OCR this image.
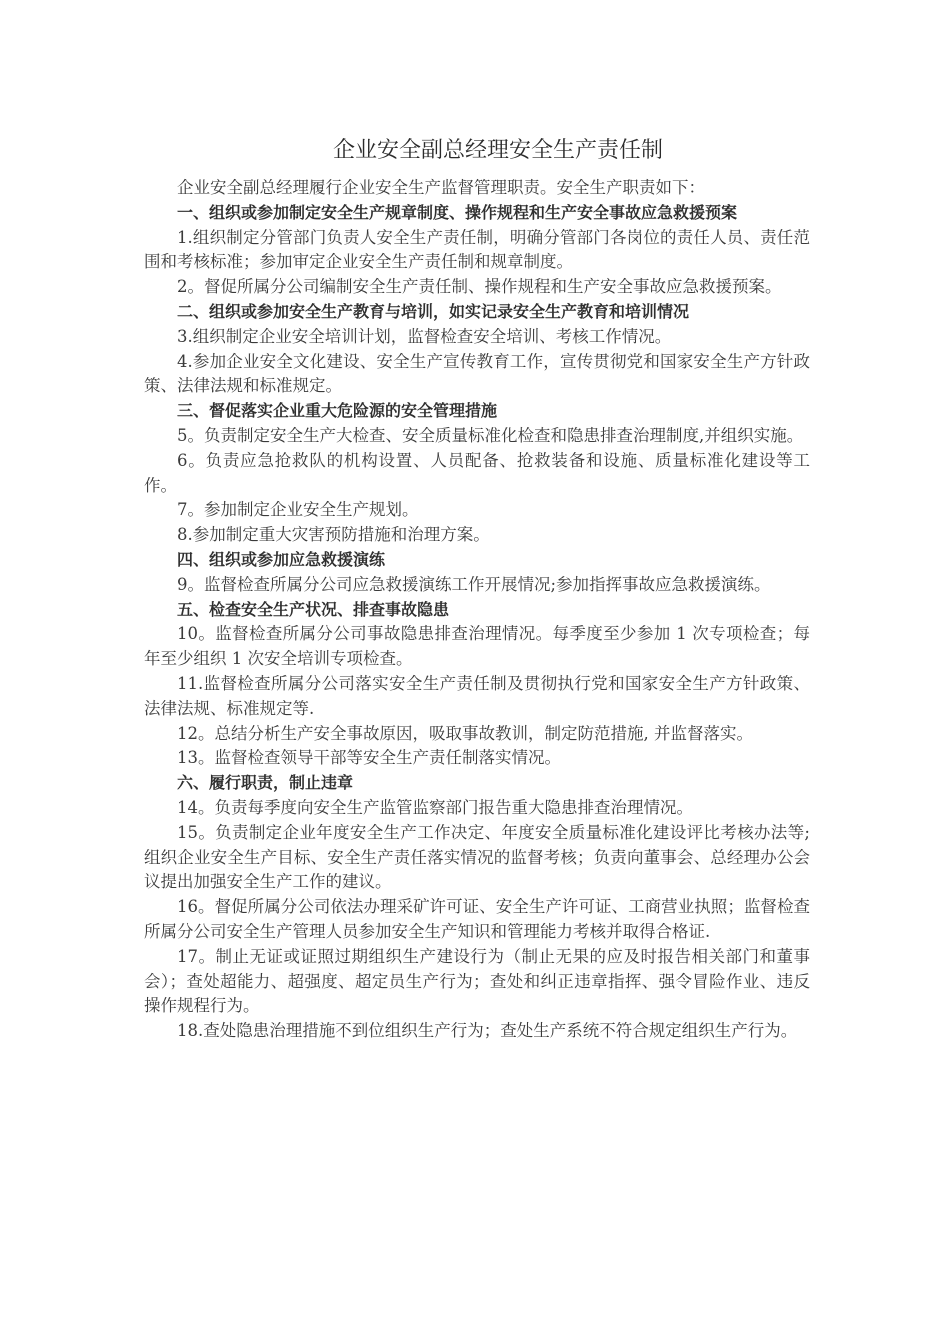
企业安全副总经理安全生产责任制

企业安全副总经理履行企业安全生产监督管理职责。安全生产职责如下：

一、组织或参加制定安全生产规章制度、操作规程和生产安全事故应急救援预案

1.组织制定分管部门负责人安全生产责任制，明确分管部门各岗位的责任人员、责任范围和考核标准；参加审定企业安全生产责任制和规章制度。

2。督促所属分公司编制安全生产责任制、操作规程和生产安全事故应急救援预案。

二、组织或参加安全生产教育与培训，如实记录安全生产教育和培训情况

3.组织制定企业安全培训计划，监督检查安全培训、考核工作情况。

4.参加企业安全文化建设、安全生产宣传教育工作，宣传贯彻党和国家安全生产方针政策、法律法规和标准规定。

三、督促落实企业重大危险源的安全管理措施

5。负责制定安全生产大检查、安全质量标准化检查和隐患排查治理制度,并组织实施。

6。负责应急抢救队的机构设置、人员配备、抢救装备和设施、质量标准化建设等工作。

7。参加制定企业安全生产规划。

8.参加制定重大灾害预防措施和治理方案。

四、组织或参加应急救援演练

9。监督检查所属分公司应急救援演练工作开展情况;参加指挥事故应急救援演练。

五、检查安全生产状况、排查事故隐患

10。监督检查所属分公司事故隐患排查治理情况。每季度至少参加 1 次专项检查；每年至少组织 1 次安全培训专项检查。

11.监督检查所属分公司落实安全生产责任制及贯彻执行党和国家安全生产方针政策、法律法规、标准规定等.

12。总结分析生产安全事故原因，吸取事故教训，制定防范措施, 并监督落实。

13。监督检查领导干部等安全生产责任制落实情况。

六、履行职责，制止违章

14。负责每季度向安全生产监管监察部门报告重大隐患排查治理情况。

15。负责制定企业年度安全生产工作决定、年度安全质量标准化建设评比考核办法等;组织企业安全生产目标、安全生产责任落实情况的监督考核；负责向董事会、总经理办公会议提出加强安全生产工作的建议。

16。督促所属分公司依法办理采矿许可证、安全生产许可证、工商营业执照；监督检查所属分公司安全生产管理人员参加安全生产知识和管理能力考核并取得合格证.

17。制止无证或证照过期组织生产建设行为（制止无果的应及时报告相关部门和董事会）；查处超能力、超强度、超定员生产行为；查处和纠正违章指挥、强令冒险作业、违反操作规程行为。

18.查处隐患治理措施不到位组织生产行为；查处生产系统不符合规定组织生产行为。
